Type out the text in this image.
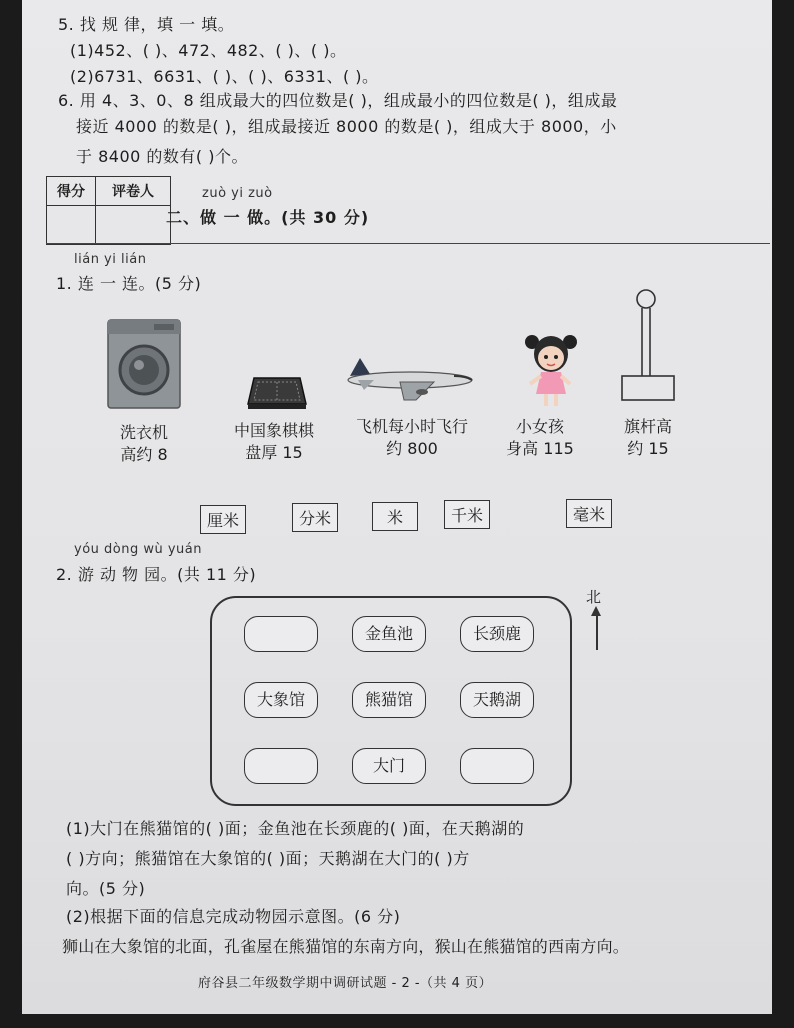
5. 找 规 律，填 一 填。
(1)452、( )、472、482、( )、( )。
(2)6731、6631、( )、( )、6331、( )。
6. 用 4、3、0、8 组成最大的四位数是( )，组成最小的四位数是( )，组成最
接近 4000 的数是( )，组成最接近 8000 的数是( )，组成大于 8000，小
于 8400 的数有( )个。
得分	评卷人
		zuò yi zuò
二、做 一 做。(共 30 分)
lián yi lián
1. 连 一 连。(5 分)
洗衣机
高约 8
中国象棋棋
盘厚 15
飞机每小时飞行
约 800
小女孩
身高 115
旗杆高
约 15
厘米	分米	米	千米	毫米
yóu dòng wù yuán
2. 游 动 物 园。(共 11 分)
北
金鱼池	长颈鹿
大象馆	熊猫馆	天鹅湖
大门
(1)大门在熊猫馆的( )面；金鱼池在长颈鹿的( )面，在天鹅湖的
( )方向；熊猫馆在大象馆的( )面；天鹅湖在大门的( )方
向。(5 分)
(2)根据下面的信息完成动物园示意图。(6 分)
狮山在大象馆的北面，孔雀屋在熊猫馆的东南方向，猴山在熊猫馆的西南方向。
府谷县二年级数学期中调研试题 - 2 -（共 4 页）
